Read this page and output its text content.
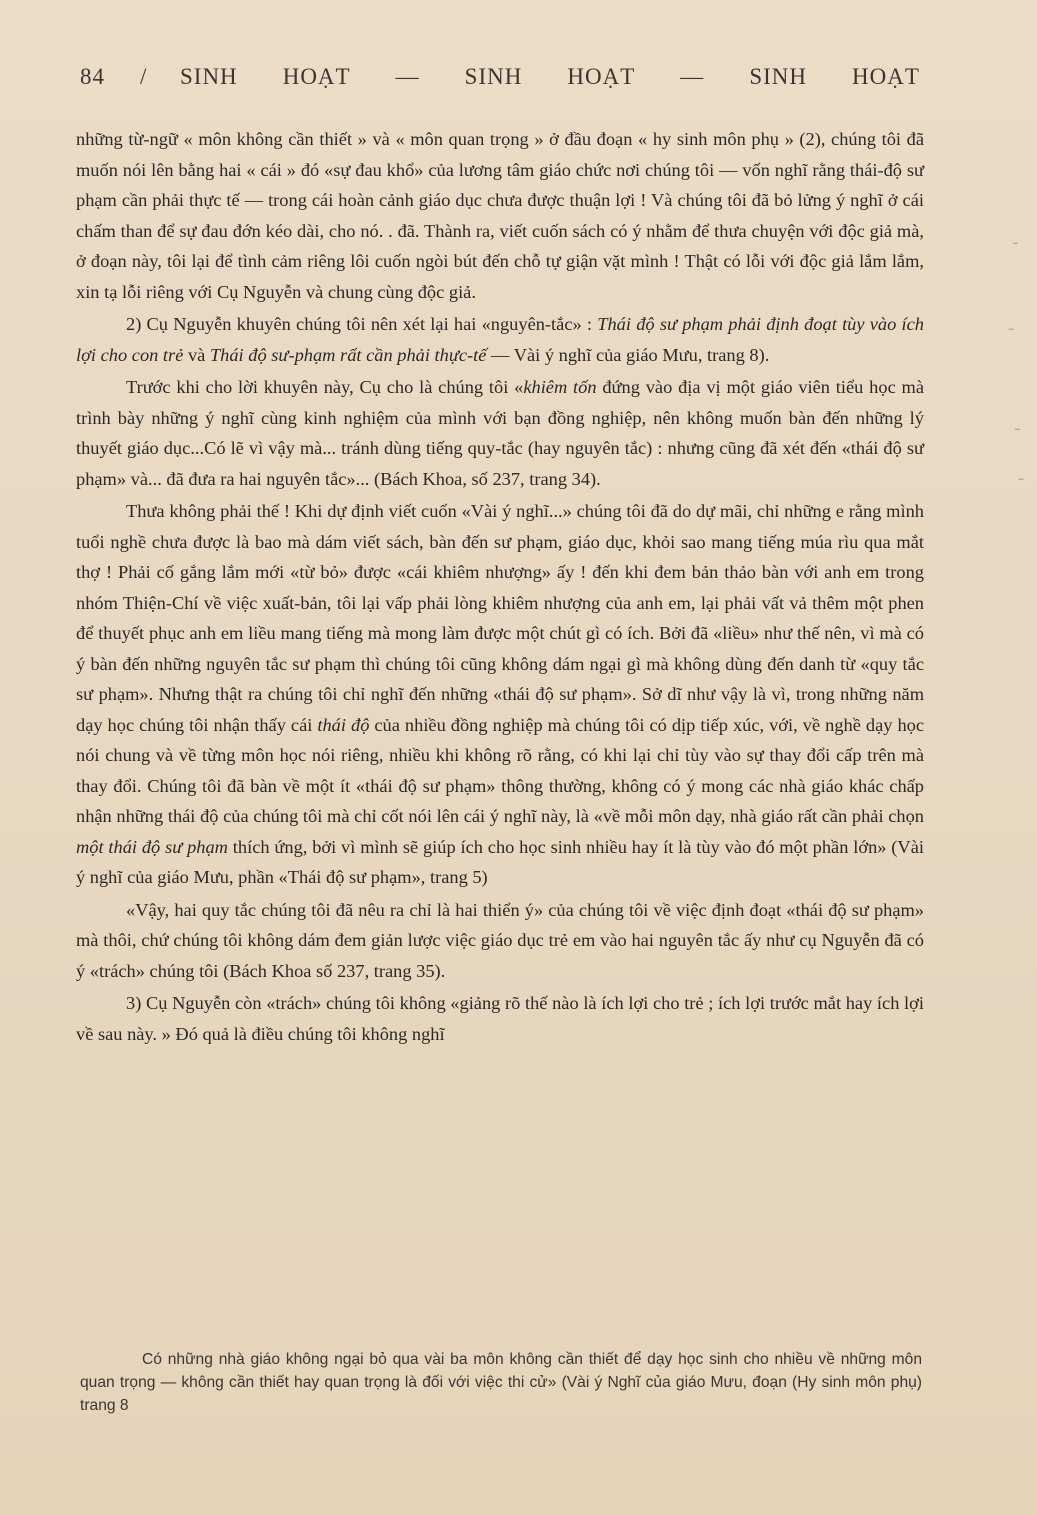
84	/	SINH HOẠT — SINH HOẠT — SINH HOẠT

những từ-ngữ « môn không cần thiết » và « môn quan trọng » ở đầu đoạn « hy sinh môn phụ » (2), chúng tôi đã muốn nói lên bằng hai « cái » đó «sự đau khổ» của lương tâm giáo chức nơi chúng tôi — vốn nghĩ rằng thái-độ sư phạm cần phải thực tế — trong cái hoàn cảnh giáo dục chưa được thuận lợi ! Và chúng tôi đã bỏ lửng ý nghĩ ở cái chấm than để sự đau đớn kéo dài, cho nó. . đã. Thành ra, viết cuốn sách có ý nhằm để thưa chuyện với độc giả mà, ở đoạn này, tôi lại để tình cảm riêng lôi cuốn ngòi bút đến chỗ tự giận vặt mình ! Thật có lỗi với độc giả lắm lắm, xin tạ lỗi riêng với Cụ Nguyễn và chung cùng độc giả.

2) Cụ Nguyễn khuyên chúng tôi nên xét lại hai «nguyên-tắc» : Thái độ sư phạm phải định đoạt tùy vào ích lợi cho con trẻ và Thái độ sư-phạm rất cần phải thực-tế — Vài ý nghĩ của giáo Mưu, trang 8).

Trước khi cho lời khuyên này, Cụ cho là chúng tôi «khiêm tốn đứng vào địa vị một giáo viên tiểu học mà trình bày những ý nghĩ cùng kinh nghiệm của mình với bạn đồng nghiệp, nên không muốn bàn đến những lý thuyết giáo dục...Có lẽ vì vậy mà... tránh dùng tiếng quy-tắc (hay nguyên tắc) : nhưng cũng đã xét đến «thái độ sư phạm» và... đã đưa ra hai nguyên tắc»... (Bách Khoa, số 237, trang 34).

Thưa không phải thế ! Khi dự định viết cuốn «Vài ý nghĩ...» chúng tôi đã do dự mãi, chỉ những e rằng mình tuổi nghề chưa được là bao mà dám viết sách, bàn đến sư phạm, giáo dục, khỏi sao mang tiếng múa rìu qua mắt thợ ! Phải cố gắng lắm mới «từ bỏ» được «cái khiêm nhượng» ấy ! đến khi đem bản thảo bàn với anh em trong nhóm Thiện-Chí về việc xuất-bản, tôi lại vấp phải lòng khiêm nhượng của anh em, lại phải vất vả thêm một phen để thuyết phục anh em liều mang tiếng mà mong làm được một chút gì có ích. Bởi đã «liều» như thế nên, vì mà có ý bàn đến những nguyên tắc sư phạm thì chúng tôi cũng không dám ngại gì mà không dùng đến danh từ «quy tắc sư phạm». Nhưng thật ra chúng tôi chỉ nghĩ đến những «thái độ sư phạm». Sở dĩ như vậy là vì, trong những năm dạy học chúng tôi nhận thấy cái thái độ của nhiều đồng nghiệp mà chúng tôi có dịp tiếp xúc, với, về nghề dạy học nói chung và về từng môn học nói riêng, nhiều khi không rõ rằng, có khi lại chỉ tùy vào sự thay đổi cấp trên mà thay đổi. Chúng tôi đã bàn về một ít «thái độ sư phạm» thông thường, không có ý mong các nhà giáo khác chấp nhận những thái độ của chúng tôi mà chỉ cốt nói lên cái ý nghĩ này, là «về mỗi môn dạy, nhà giáo rất cần phải chọn một thái độ sư phạm thích ứng, bởi vì mình sẽ giúp ích cho học sinh nhiều hay ít là tùy vào đó một phần lớn» (Vài ý nghĩ của giáo Mưu, phần «Thái độ sư phạm», trang 5)

«Vậy, hai quy tắc chúng tôi đã nêu ra chỉ là hai thiển ý» của chúng tôi về việc định đoạt «thái độ sư phạm» mà thôi, chứ chúng tôi không dám đem giản lược việc giáo dục trẻ em vào hai nguyên tắc ấy như cụ Nguyễn đã có ý «trách» chúng tôi (Bách Khoa số 237, trang 35).

3) Cụ Nguyễn còn «trách» chúng tôi không «giảng rõ thế nào là ích lợi cho trẻ ; ích lợi trước mắt hay ích lợi về sau này. » Đó quả là điều chúng tôi không nghĩ

Có những nhà giáo không ngại bỏ qua vài ba môn không cần thiết để dạy học sinh cho nhiều về những môn quan trọng — không cần thiết hay quan trọng là đối với việc thi cử» (Vài ý Nghĩ của giáo Mưu, đoạn (Hy sinh môn phụ) trang 8

-
-
-
-
